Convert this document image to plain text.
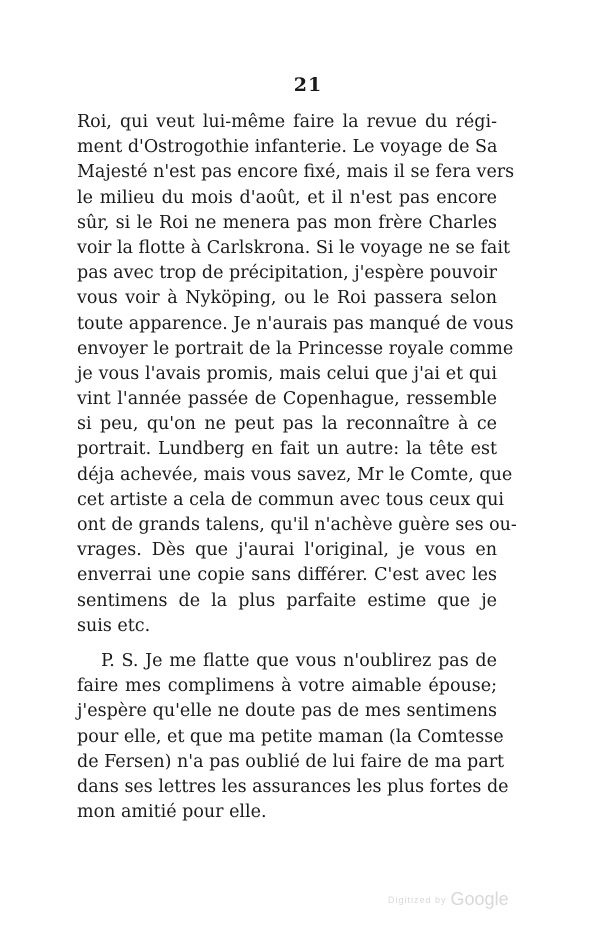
21
Roi, qui veut lui-même faire la revue du régi-
ment d'Ostrogothie infanterie. Le voyage de Sa
Majesté n'est pas encore fixé, mais il se fera vers
le milieu du mois d'août, et il n'est pas encore
sûr, si le Roi ne menera pas mon frère Charles
voir la flotte à Carlskrona. Si le voyage ne se fait
pas avec trop de précipitation, j'espère pouvoir
vous voir à Nyköping, ou le Roi passera selon
toute apparence. Je n'aurais pas manqué de vous
envoyer le portrait de la Princesse royale comme
je vous l'avais promis, mais celui que j'ai et qui
vint l'année passée de Copenhague, ressemble
si peu, qu'on ne peut pas la reconnaître à ce
portrait. Lundberg en fait un autre: la tête est
déja achevée, mais vous savez, Mr le Comte, que
cet artiste a cela de commun avec tous ceux qui
ont de grands talens, qu'il n'achève guère ses ou-
vrages. Dès que j'aurai l'original, je vous en
enverrai une copie sans différer. C'est avec les
sentimens de la plus parfaite estime que je
suis etc.
P. S. Je me flatte que vous n'oublirez pas de
faire mes complimens à votre aimable épouse;
j'espère qu'elle ne doute pas de mes sentimens
pour elle, et que ma petite maman (la Comtesse
de Fersen) n'a pas oublié de lui faire de ma part
dans ses lettres les assurances les plus fortes de
mon amitié pour elle.
Digitized by Google
